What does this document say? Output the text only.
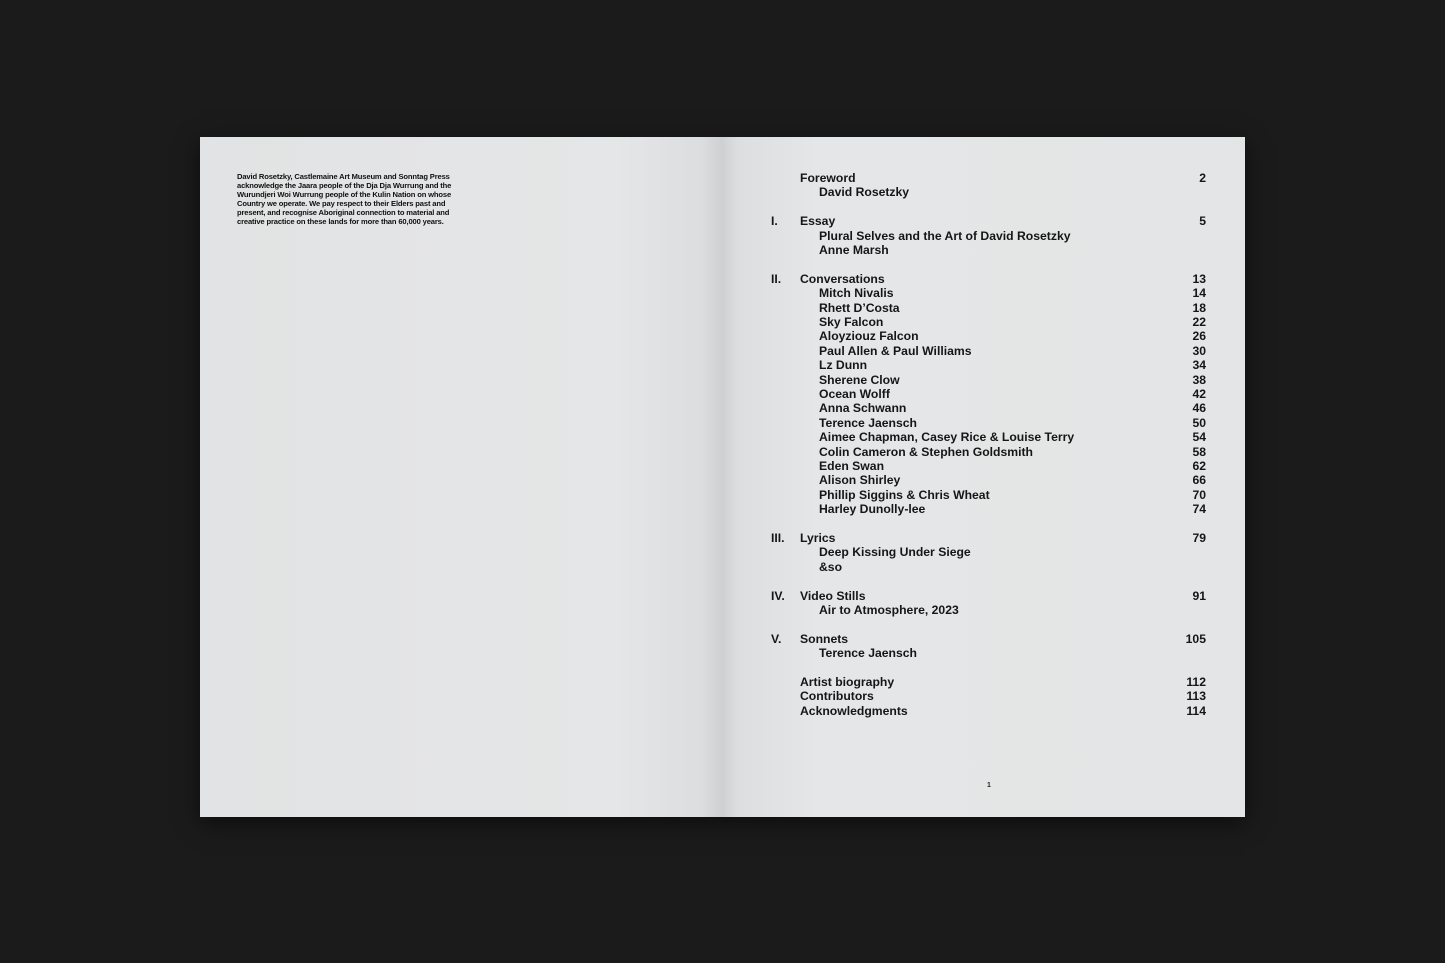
David Rosetzky, Castlemaine Art Museum and Sonntag Press acknowledge the Jaara people of the Dja Dja Wurrung and the Wurundjeri Woi Wurrung people of the Kulin Nation on whose Country we operate. We pay respect to their Elders past and present, and recognise Aboriginal connection to material and creative practice on these lands for more than 60,000 years.

Foreword	2
David Rosetzky
I. Essay	5
Plural Selves and the Art of David Rosetzky
Anne Marsh
II. Conversations	13
Mitch Nivalis	14
Rhett D’Costa	18
Sky Falcon	22
Aloyziouz Falcon	26
Paul Allen & Paul Williams	30
Lz Dunn	34
Sherene Clow	38
Ocean Wolff	42
Anna Schwann	46
Terence Jaensch	50
Aimee Chapman, Casey Rice & Louise Terry	54
Colin Cameron & Stephen Goldsmith	58
Eden Swan	62
Alison Shirley	66
Phillip Siggins & Chris Wheat	70
Harley Dunolly-lee	74
III. Lyrics	79
Deep Kissing Under Siege
&so
IV. Video Stills	91
Air to Atmosphere, 2023
V. Sonnets	105
Terence Jaensch
Artist biography	112
Contributors	113
Acknowledgments	114
1
